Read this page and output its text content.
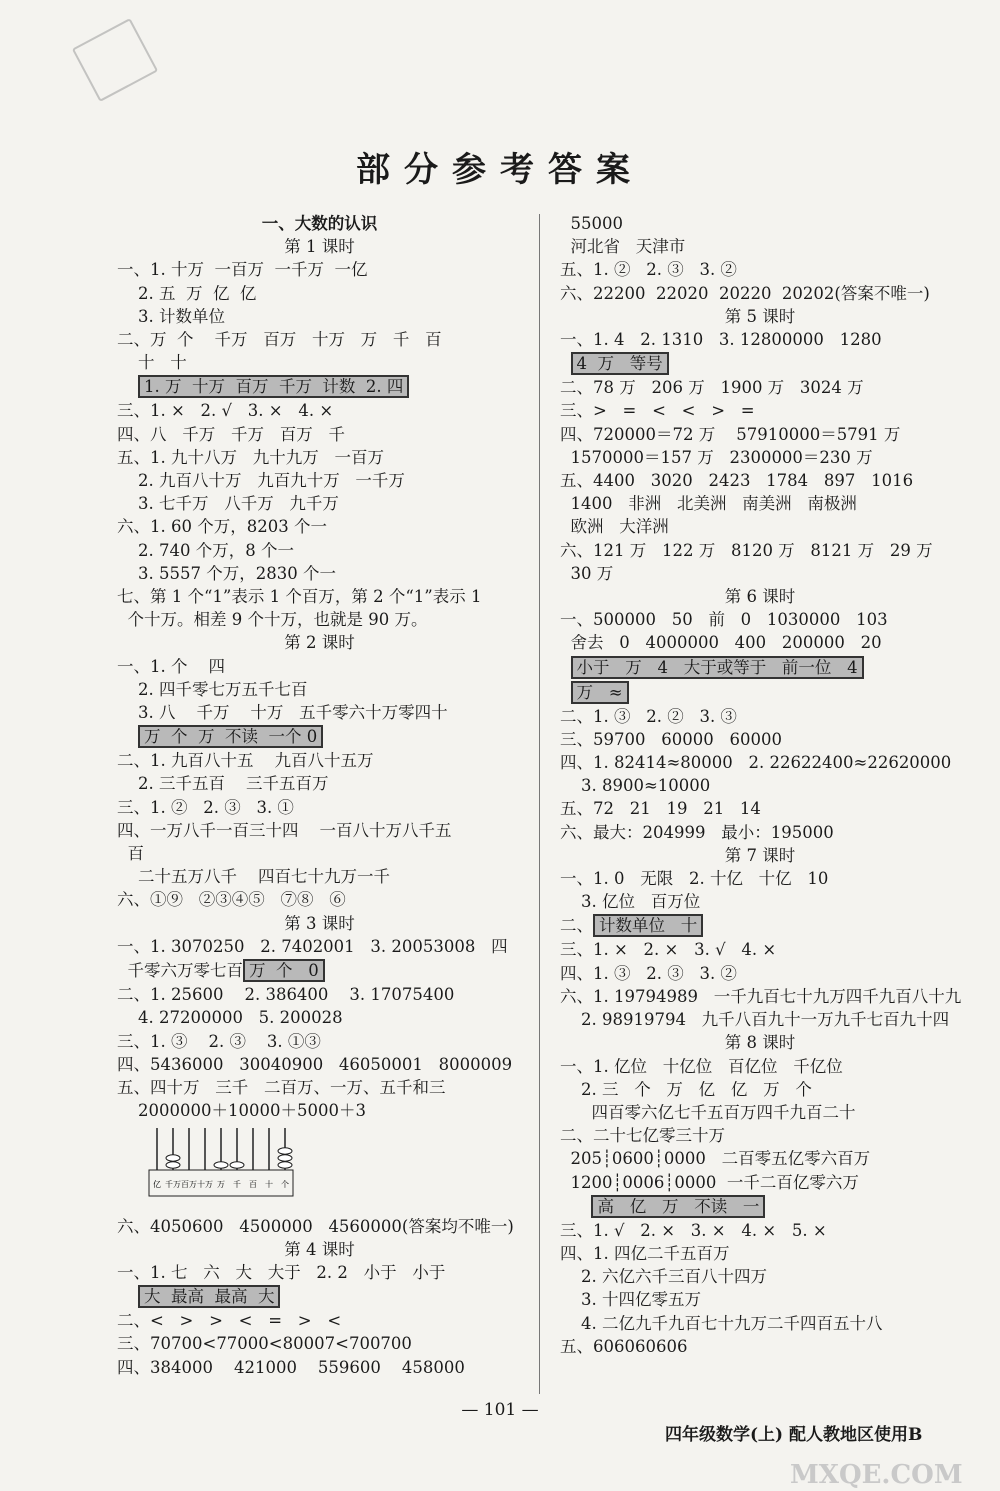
部分参考答案
一、大数的认识
第 1 课时
一、1. 十万  一百万  一千万  一亿
2. 五  万  亿  亿
3. 计数单位
二、万  个    千万   百万   十万   万   千   百
十   十
1. 万  十万  百万  千万  计数  2. 四
三、1. ×   2. √   3. ×   4. ×
四、八   千万   千万   百万   千
五、1. 九十八万   九十九万   一百万
2. 九百八十万   九百九十万   一千万
3. 七千万   八千万   九千万
六、1. 60 个万，8203 个一
2. 740 个万，8 个一
3. 5557 个万，2830 个一
七、第 1 个“1”表示 1 个百万，第 2 个“1”表示 1
个十万。相差 9 个十万，也就是 90 万。
第 2 课时
一、1. 个    四
2. 四千零七万五千七百
3. 八    千万    十万   五千零六十万零四十
万  个  万  不读  一个 0
二、1. 九百八十五    九百八十五万
2. 三千五百    三千五百万
三、1. ②   2. ③   3. ①
四、一万八千一百三十四    一百八十万八千五
百
二十五万八千    四百七十九万一千
六、①⑨   ②③④⑤   ⑦⑧   ⑥
第 3 课时
一、1. 3070250   2. 7402001   3. 20053008   四
千零六万零七百 万  个   0
二、1. 25600    2. 386400    3. 17075400
4. 27200000   5. 200028
三、1. ③    2. ③    3. ①③
四、5436000   30040900   46050001   8000009
五、四十万   三千   二百万、一万、五千和三
2000000＋10000＋5000＋3
亿 千万 百万 十万 万 千 百 十 个
六、4050600   4500000   4560000(答案均不唯一)
第 4 课时
一、1. 七   六   大   大于   2. 2   小于   小于
大  最高  最高  大
二、<   >   >   <   =   >   <
三、70700<77000<80007<700700
四、384000    421000    559600    458000
55000
河北省   天津市
五、1. ②   2. ③   3. ②
六、22200  22020  20220  20202(答案不唯一)
第 5 课时
一、1. 4   2. 1310   3. 12800000   1280
4  万   等号
二、78 万   206 万   1900 万   3024 万
三、>   =   <   <   >   =
四、720000＝72 万    57910000＝5791 万
1570000＝157 万   2300000＝230 万
五、4400   3020   2423   1784   897   1016
1400   非洲   北美洲   南美洲   南极洲
欧洲   大洋洲
六、121 万   122 万   8120 万   8121 万   29 万
30 万
第 6 课时
一、500000   50   前   0   1030000   103
舍去   0   4000000   400   200000   20
小于   万   4   大于或等于   前一位   4
万   ≈
二、1. ③   2. ②   3. ③
三、59700   60000   60000
四、1. 82414≈80000   2. 22622400≈22620000
3. 8900≈10000
五、72   21   19   21   14
六、最大：204999   最小：195000
第 7 课时
一、1. 0   无限   2. 十亿   十亿   10
3. 亿位   百万位
二、 计数单位   十
三、1. ×   2. ×   3. √   4. ×
四、1. ③   2. ③   3. ②
六、1. 19794989   一千九百七十九万四千九百八十九
2. 98919794   九千八百九十一万九千七百九十四
第 8 课时
一、1. 亿位   十亿位   百亿位   千亿位
2. 三   个   万   亿   亿   万   个
四百零六亿七千五百万四千九百二十
二、二十七亿零三十万
205┊0600┊0000   二百零五亿零六百万
1200┊0006┊0000  一千二百亿零六万
高   亿   万   不读   一
三、1. √   2. ×   3. ×   4. ×   5. ×
四、1. 四亿二千五百万
2. 六亿六千三百八十四万
3. 十四亿零五万
4. 二亿九千九百七十九万二千四百五十八
五、606060606
— 101 —
四年级数学(上) 配人教地区使用B
MXQE.COM
